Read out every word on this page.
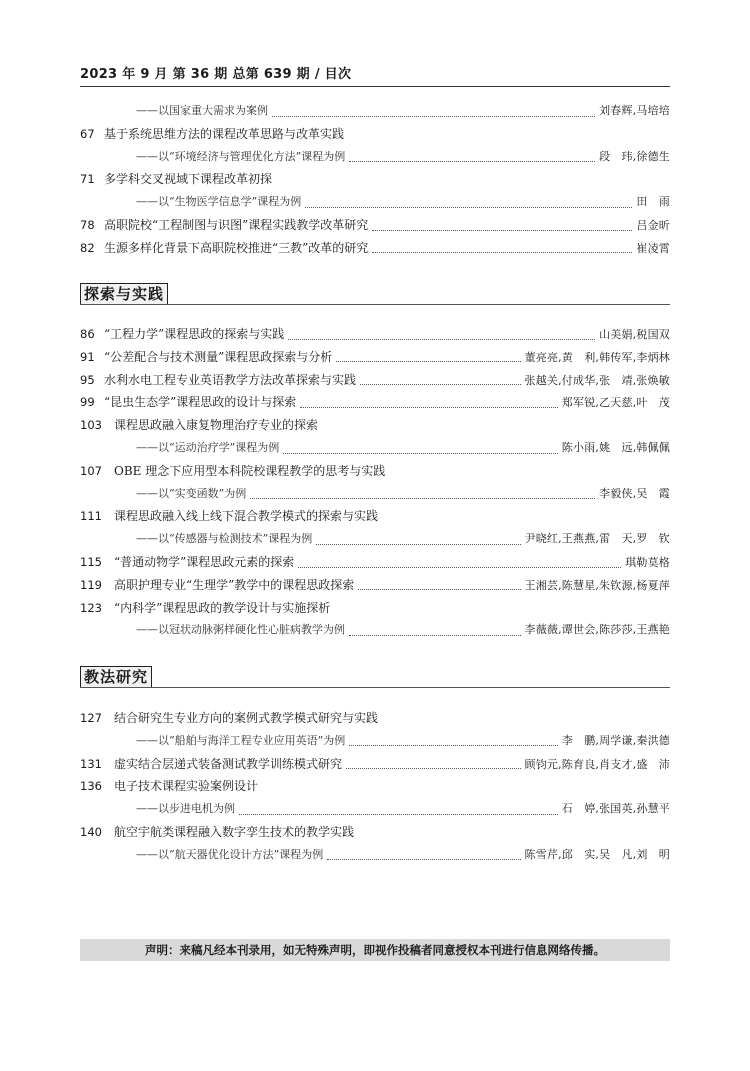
2023 年 9 月 第 36 期 总第 639 期 / 目次
——以国家重大需求为案例	刘春辉,马培培
67 基于系统思维方法的课程改革思路与改革实践
——以“环境经济与管理优化方法”课程为例	段　玮,徐德生
71 多学科交叉视域下课程改革初探
——以“生物医学信息学”课程为例	田　雨
78 高职院校“工程制图与识图”课程实践教学改革研究	吕金昕
82 生源多样化背景下高职院校推进“三教”改革的研究	崔凌霄
探索与实践
86 “工程力学”课程思政的探索与实践	山美娟,税国双
91 “公差配合与技术测量”课程思政探索与分析	董亮亮,黄　利,韩传军,李炳林
95 水利水电工程专业英语教学方法改革探索与实践	张越关,付成华,张　靖,张焕敏
99 “昆虫生态学”课程思政的设计与探索	郑军锐,乙天慈,叶　茂
103	课程思政融入康复物理治疗专业的探索
——以“运动治疗学”课程为例	陈小雨,姚　远,韩佩佩
107	OBE 理念下应用型本科院校课程教学的思考与实践
——以“实变函数”为例	李毅侠,吴　霞
111	课程思政融入线上线下混合教学模式的探索与实践
——以“传感器与检测技术”课程为例	尹晓红,王燕燕,雷　天,罗　钦
115	“普通动物学”课程思政元素的探索	琪勒莫格
119	高职护理专业“生理学”教学中的课程思政探索	王湘芸,陈慧星,朱钦源,杨夏萍
123	“内科学”课程思政的教学设计与实施探析
——以冠状动脉粥样硬化性心脏病教学为例	李薇薇,谭世会,陈莎莎,王燕艳
教法研究
127	结合研究生专业方向的案例式教学模式研究与实践
——以“船舶与海洋工程专业应用英语”为例	李　鹏,周学谦,秦洪德
131	虚实结合层递式装备测试教学训练模式研究	顾钧元,陈育良,肖支才,盛　沛
136	电子技术课程实验案例设计
——以步进电机为例	石　婷,张国英,孙慧平
140	航空宇航类课程融入数字孪生技术的教学实践
——以“航天器优化设计方法”课程为例	陈雪芹,邱　实,吴　凡,刘　明
声明：来稿凡经本刊录用，如无特殊声明，即视作投稿者同意授权本刊进行信息网络传播。
